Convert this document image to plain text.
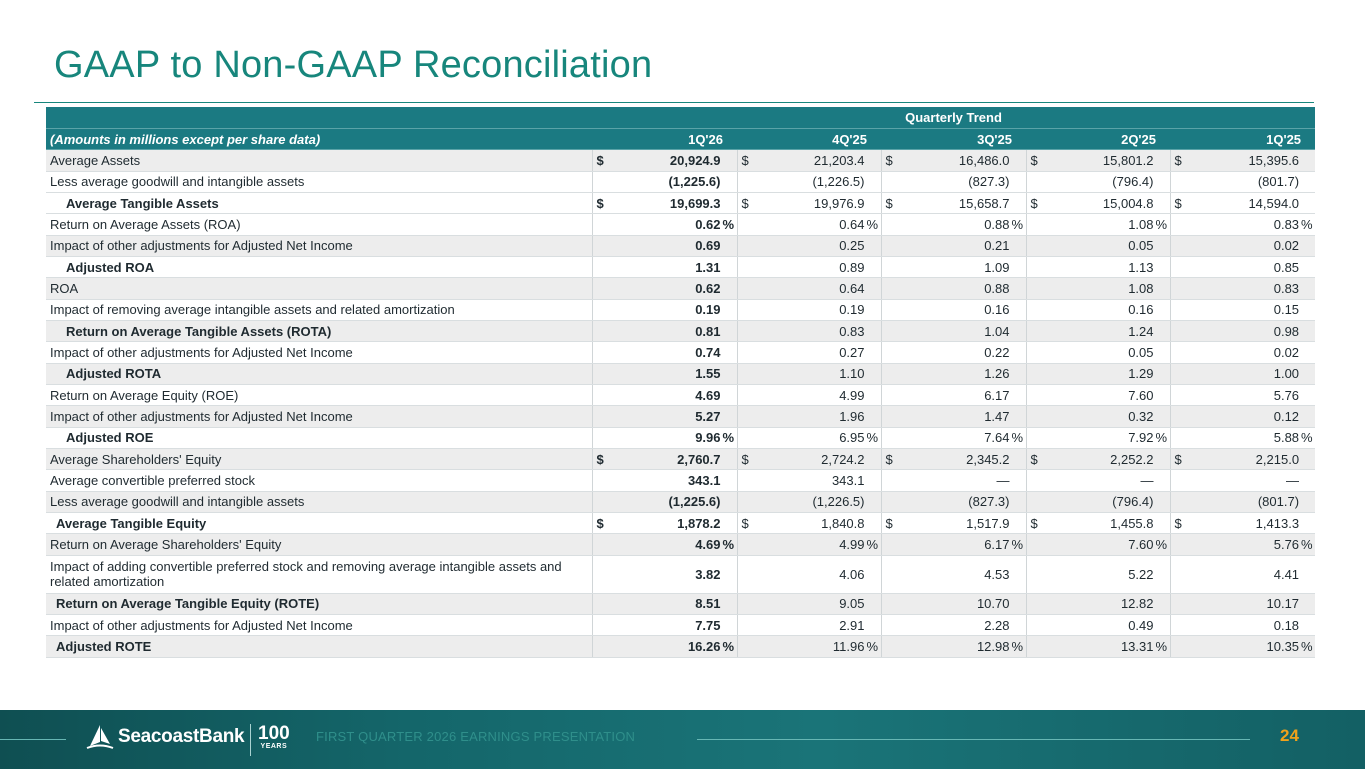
GAAP to Non-GAAP Reconciliation
	Quarterly Trend				
(Amounts in millions except per share data)	1Q'26	4Q'25	3Q'25	2Q'25	1Q'25
Average Assets	$ 20,924.9	$ 21,203.4	$ 16,486.0	$ 15,801.2	$ 15,395.6
Less average goodwill and intangible assets	(1,225.6)	(1,226.5)	(827.3)	(796.4)	(801.7)
Average Tangible Assets	$ 19,699.3	$ 19,976.9	$ 15,658.7	$ 15,004.8	$ 14,594.0
Return on Average Assets (ROA)	0.62 %	0.64 %	0.88 %	1.08 %	0.83 %
Impact of other adjustments for Adjusted Net Income	0.69	0.25	0.21	0.05	0.02
Adjusted ROA	1.31	0.89	1.09	1.13	0.85
ROA	0.62	0.64	0.88	1.08	0.83
Impact of removing average intangible assets and related amortization	0.19	0.19	0.16	0.16	0.15
Return on Average Tangible Assets (ROTA)	0.81	0.83	1.04	1.24	0.98
Impact of other adjustments for Adjusted Net Income	0.74	0.27	0.22	0.05	0.02
Adjusted ROTA	1.55	1.10	1.26	1.29	1.00
Return on Average Equity (ROE)	4.69	4.99	6.17	7.60	5.76
Impact of other adjustments for Adjusted Net Income	5.27	1.96	1.47	0.32	0.12
Adjusted ROE	9.96 %	6.95 %	7.64 %	7.92 %	5.88 %
Average Shareholders' Equity	$ 2,760.7	$ 2,724.2	$ 2,345.2	$ 2,252.2	$ 2,215.0
Average convertible preferred stock	343.1	343.1	—	—	—
Less average goodwill and intangible assets	(1,225.6)	(1,226.5)	(827.3)	(796.4)	(801.7)
Average Tangible Equity	$ 1,878.2	$ 1,840.8	$ 1,517.9	$ 1,455.8	$ 1,413.3
Return on Average Shareholders' Equity	4.69 %	4.99 %	6.17 %	7.60 %	5.76 %
Impact of adding convertible preferred stock and removing average intangible assets and related amortization	3.82	4.06	4.53	5.22	4.41
Return on Average Tangible Equity (ROTE)	8.51	9.05	10.70	12.82	10.17
Impact of other adjustments for Adjusted Net Income	7.75	2.91	2.28	0.49	0.18
Adjusted ROTE	16.26 %	11.96 %	12.98 %	13.31 %	10.35 %
SeacoastBank 100
YEARS
FIRST QUARTER 2026 EARNINGS PRESENTATION	24
